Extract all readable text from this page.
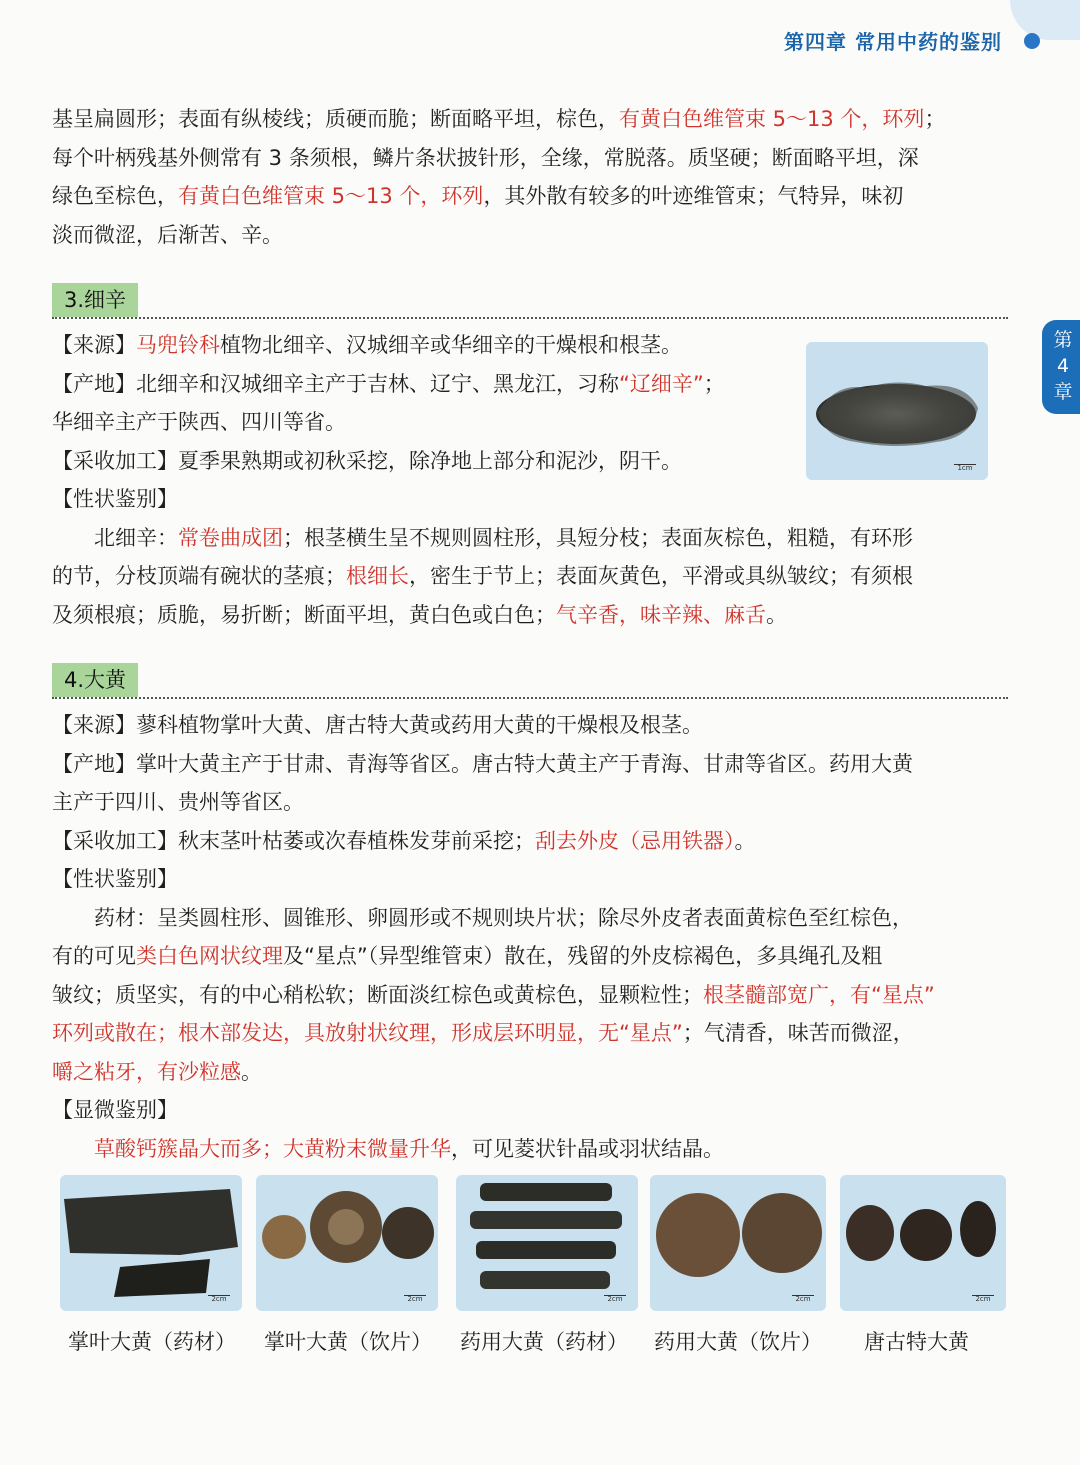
第四章 常用中药的鉴别
第
4
章
基呈扁圆形；表面有纵棱线；质硬而脆；断面略平坦，棕色，有黄白色维管束 5～13 个，环列；
每个叶柄残基外侧常有 3 条须根，鳞片条状披针形，全缘，常脱落。质坚硬；断面略平坦，深
绿色至棕色，有黄白色维管束 5～13 个，环列，其外散有较多的叶迹维管束；气特异，味初
淡而微涩，后渐苦、辛。
3.细辛
【来源】马兜铃科植物北细辛、汉城细辛或华细辛的干燥根和根茎。
【产地】北细辛和汉城细辛主产于吉林、辽宁、黑龙江，习称“辽细辛”；
华细辛主产于陕西、四川等省。
【采收加工】夏季果熟期或初秋采挖，除净地上部分和泥沙，阴干。
【性状鉴别】
　　北细辛：常卷曲成团；根茎横生呈不规则圆柱形，具短分枝；表面灰棕色，粗糙，有环形
的节，分枝顶端有碗状的茎痕；根细长，密生于节上；表面灰黄色，平滑或具纵皱纹；有须根
及须根痕；质脆，易折断；断面平坦，黄白色或白色；气辛香，味辛辣、麻舌。
1cm
4.大黄
【来源】蓼科植物掌叶大黄、唐古特大黄或药用大黄的干燥根及根茎。
【产地】掌叶大黄主产于甘肃、青海等省区。唐古特大黄主产于青海、甘肃等省区。药用大黄
主产于四川、贵州等省区。
【采收加工】秋末茎叶枯萎或次春植株发芽前采挖；刮去外皮（忌用铁器）。
【性状鉴别】
　　药材：呈类圆柱形、圆锥形、卵圆形或不规则块片状；除尽外皮者表面黄棕色至红棕色，
有的可见类白色网状纹理及“星点”（异型维管束）散在，残留的外皮棕褐色，多具绳孔及粗
皱纹；质坚实，有的中心稍松软；断面淡红棕色或黄棕色，显颗粒性；根茎髓部宽广，有“星点”
环列或散在；根木部发达，具放射状纹理，形成层环明显，无“星点”；气清香，味苦而微涩，
嚼之粘牙，有沙粒感。
【显微鉴别】
　　草酸钙簇晶大而多；大黄粉末微量升华，可见菱状针晶或羽状结晶。
2cm	2cm	2cm	2cm	2cm
掌叶大黄（药材） 掌叶大黄（饮片） 药用大黄（药材） 药用大黄（饮片） 唐古特大黄
